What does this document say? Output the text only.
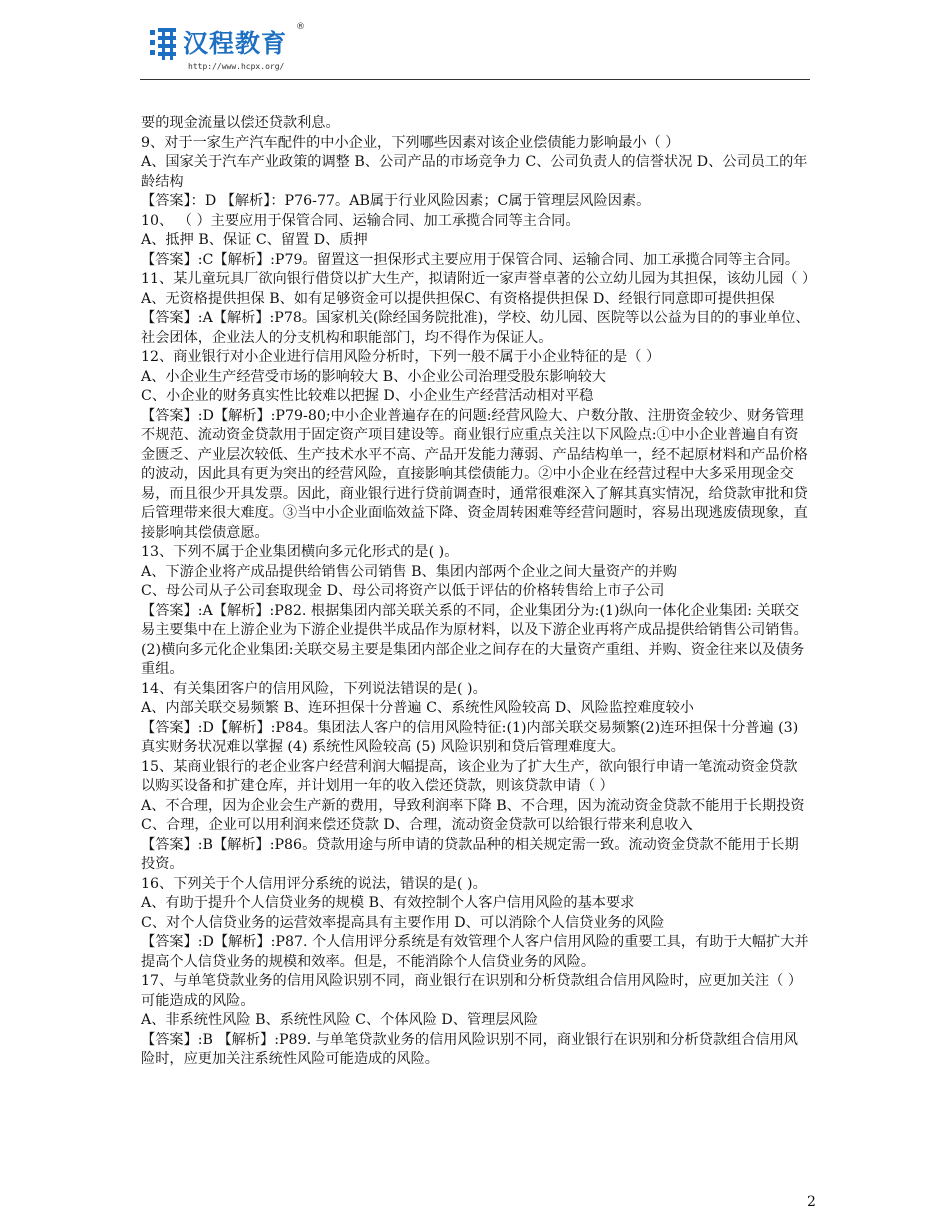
汉程教育
®
http://www.hcpx.org/

要的现金流量以偿还贷款利息。

9、对于一家生产汽车配件的中小企业，下列哪些因素对该企业偿债能力影响最小（ ）

A、国家关于汽车产业政策的调整 B、公司产品的市场竞争力 C、公司负责人的信誉状况 D、公司员工的年龄结构

【答案】：D 【解析】：P76-77。AB属于行业风险因素；C属于管理层风险因素。

10、 （ ）主要应用于保管合同、运输合同、加工承揽合同等主合同。

A、抵押 B、保证 C、留置 D、质押

【答案】:C【解析】:P79。留置这一担保形式主要应用于保管合同、运输合同、加工承揽合同等主合同。

11、某儿童玩具厂欲向银行借贷以扩大生产，拟请附近一家声誉卓著的公立幼儿园为其担保，该幼儿园（ ）

A、无资格提供担保 B、如有足够资金可以提供担保C、有资格提供担保 D、经银行同意即可提供担保

【答案】:A【解析】:P78。国家机关(除经国务院批准)，学校、幼儿园、医院等以公益为目的的事业单位、社会团体，企业法人的分支机构和职能部门，均不得作为保证人。

12、商业银行对小企业进行信用风险分析时，下列一般不属于小企业特征的是（ ）

A、小企业生产经营受市场的影响较大 B、小企业公司治理受股东影响较大

C、小企业的财务真实性比较难以把握 D、小企业生产经营活动相对平稳

【答案】:D【解析】:P79-80;中小企业普遍存在的问题:经营风险大、户数分散、注册资金较少、财务管理不规范、流动资金贷款用于固定资产项目建设等。商业银行应重点关注以下风险点:①中小企业普遍自有资金匮乏、产业层次较低、生产技术水平不高、产品开发能力薄弱、产品结构单一，经不起原材料和产品价格的波动，因此具有更为突出的经营风险，直接影响其偿债能力。②中小企业在经营过程中大多采用现金交易，而且很少开具发票。因此，商业银行进行贷前调查时，通常很难深入了解其真实情况，给贷款审批和贷后管理带来很大难度。③当中小企业面临效益下降、资金周转困难等经营问题时，容易出现逃废债现象，直接影响其偿债意愿。

13、下列不属于企业集团横向多元化形式的是( )。

A、下游企业将产成品提供给销售公司销售 B、集团内部两个企业之间大量资产的并购

C、母公司从子公司套取现金 D、母公司将资产以低于评估的价格转售给上市子公司

【答案】:A【解析】:P82. 根据集团内部关联关系的不同，企业集团分为:(1)纵向一体化企业集团: 关联交易主要集中在上游企业为下游企业提供半成品作为原材料，以及下游企业再将产成品提供给销售公司销售。(2)横向多元化企业集团:关联交易主要是集团内部企业之间存在的大量资产重组、并购、资金往来以及债务重组。

14、有关集团客户的信用风险，下列说法错误的是( )。

A、内部关联交易频繁 B、连环担保十分普遍 C、系统性风险较高 D、风险监控难度较小

【答案】:D【解析】:P84。集团法人客户的信用风险特征:(1)内部关联交易频繁(2)连环担保十分普遍 (3) 真实财务状况难以掌握 (4) 系统性风险较高 (5) 风险识别和贷后管理难度大。

15、某商业银行的老企业客户经营利润大幅提高，该企业为了扩大生产，欲向银行申请一笔流动资金贷款以购买设备和扩建仓库，并计划用一年的收入偿还贷款，则该贷款申请（ ）

A、不合理，因为企业会生产新的费用，导致利润率下降 B、不合理，因为流动资金贷款不能用于长期投资

C、合理，企业可以用利润来偿还贷款 D、合理，流动资金贷款可以给银行带来利息收入

【答案】:B【解析】:P86。贷款用途与所申请的贷款品种的相关规定需一致。流动资金贷款不能用于长期投资。

16、下列关于个人信用评分系统的说法，错误的是( )。

A、有助于提升个人信贷业务的规模 B、有效控制个人客户信用风险的基本要求

C、对个人信贷业务的运营效率提高具有主要作用 D、可以消除个人信贷业务的风险

【答案】:D【解析】:P87. 个人信用评分系统是有效管理个人客户信用风险的重要工具，有助于大幅扩大并提高个人信贷业务的规模和效率。但是，不能消除个人信贷业务的风险。

17、与单笔贷款业务的信用风险识别不同，商业银行在识别和分析贷款组合信用风险时，应更加关注（ ）可能造成的风险。

A、非系统性风险 B、系统性风险 C、个体风险 D、管理层风险

【答案】:B 【解析】:P89. 与单笔贷款业务的信用风险识别不同，商业银行在识别和分析贷款组合信用风险时，应更加关注系统性风险可能造成的风险。

2
